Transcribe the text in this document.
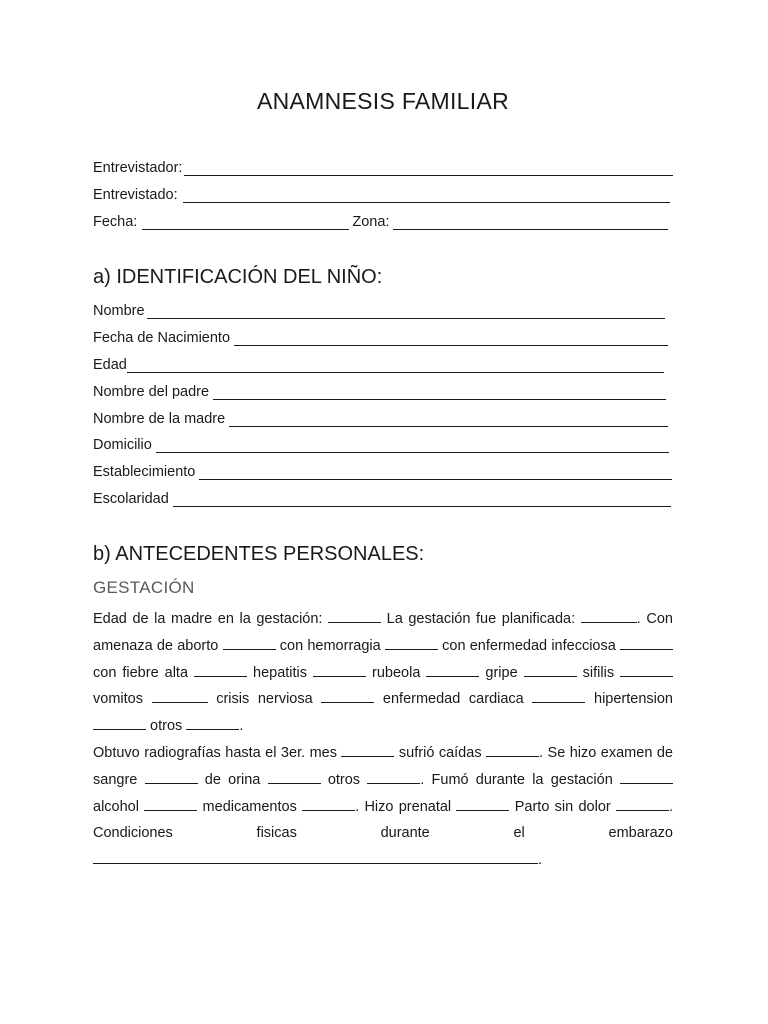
ANAMNESIS FAMILIAR
Entrevistador:
Entrevistado:
Fecha:	Zona:
a) IDENTIFICACIÓN DEL NIÑO:
Nombre
Fecha de Nacimiento
Edad
Nombre del padre
Nombre de la madre
Domicilio
Establecimiento
Escolaridad
b) ANTECEDENTES PERSONALES:
GESTACIÓN

Edad de la madre en la gestación:	La gestación fue planificada:	. Con amenaza de aborto	con hemorragia	con enfermedad infecciosa  con fiebre alta	hepatitis	rubeola	gripe	sifilis  vomitos	crisis nerviosa	enfermedad cardiaca	hipertension  otros	.

Obtuvo radiografías hasta el 3er. mes	sufrió caídas	. Se hizo examen de sangre	de orina	otros	. Fumó durante la gestación  alcohol	medicamentos	. Hizo prenatal	Parto sin dolor	. Condiciones fisicas durante el embarazo .
